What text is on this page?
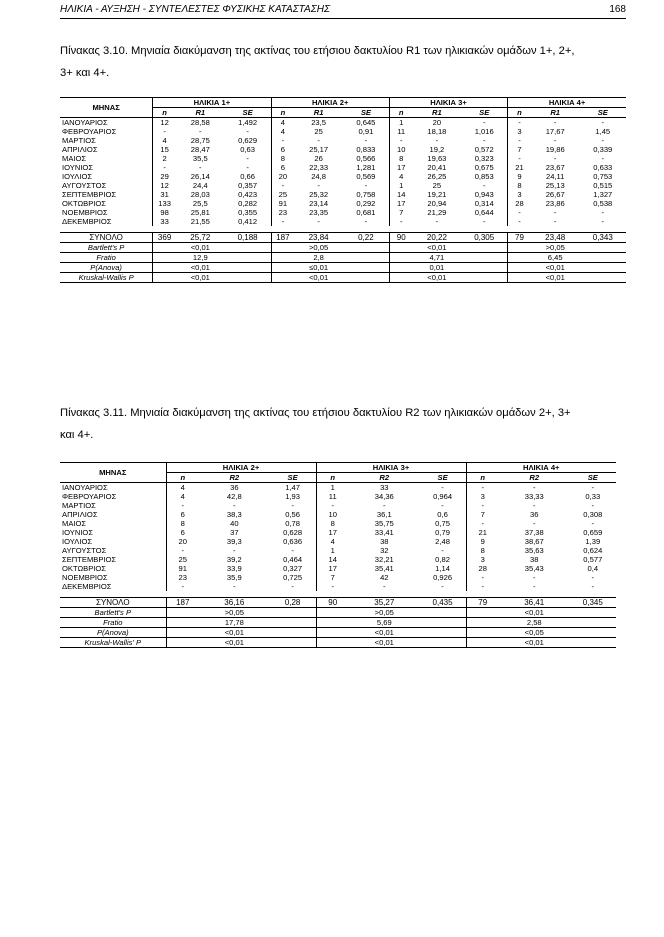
ΗΛΙΚΙΑ - ΑΥΞΗΣΗ - ΣΥΝΤΕΛΕΣΤΕΣ ΦΥΣΙΚΗΣ ΚΑΤΑΣΤΑΣΗΣ	168
Πίνακας 3.10. Μηνιαία διακύμανση της ακτίνας του ετήσιου δακτυλίου R1 των ηλικιακών ομάδων 1+, 2+, 3+ και 4+.
ΜΗΝΑΣ	ΗΛΙΚΙΑ 1+			ΗΛΙΚΙΑ 2+			ΗΛΙΚΙΑ 3+			ΗΛΙΚΙΑ 4+		
	n	R1	SE	n	R1	SE	n	R1	SE	n	R1	SE
ΙΑΝΟΥΑΡΙΟΣ	12	28,58	1,492	4	23,5	0,645	1	20	-	-	-	-
ΦΕΒΡΟΥΑΡΙΟΣ	-	-	-	4	25	0,91	11	18,18	1,016	3	17,67	1,45
ΜΑΡΤΙΟΣ	4	28,75	0,629	-	-	-	-	-	-	-	-	-
ΑΠΡΙΛΙΟΣ	15	28,47	0,63	6	25,17	0,833	10	19,2	0,572	7	19,86	0,339
ΜΑΙΟΣ	2	35,5	-	8	26	0,566	8	19,63	0,323	-	-	-
ΙΟΥΝΙΟΣ	-	-	-	6	22,33	1,281	17	20,41	0,675	21	23,67	0,633
ΙΟΥΛΙΟΣ	29	26,14	0,66	20	24,8	0,569	4	26,25	0,853	9	24,11	0,753
ΑΥΓΟΥΣΤΟΣ	12	24,4	0,357	-	-	-	1	25	-	8	25,13	0,515
ΣΕΠΤΕΜΒΡΙΟΣ	31	28,03	0,423	25	25,32	0,758	14	19,21	0,943	3	26,67	1,327
ΟΚΤΩΒΡΙΟΣ	133	25,5	0,282	91	23,14	0,292	17	20,94	0,314	28	23,86	0,538
ΝΟΕΜΒΡΙΟΣ	98	25,81	0,355	23	23,35	0,681	7	21,29	0,644	-	-	-
ΔΕΚΕΜΒΡΙΟΣ	33	21,55	0,412	-	-	-	-	-	-	-	-	-

ΣΥΝΟΛΟ	369	25,72	0,188	187	23,84	0,22	90	20,22	0,305	79	23,48	0,343
Bartlett's P		<0,01			>0,05			<0,01			>0,05	
Fratio		12,9			2,8			4,71			6,45	
P(Anova)		<0,01			≤0,01			0,01			<0,01	
Kruskal-Wallis P		<0,01			<0,01			<0,01			<0,01	
Πίνακας 3.11. Μηνιαία διακύμανση της ακτίνας του ετήσιου δακτυλίου R2 των ηλικιακών ομάδων 2+, 3+ και 4+.
ΜΗΝΑΣ	ΗΛΙΚΙΑ 2+			ΗΛΙΚΙΑ 3+			ΗΛΙΚΙΑ 4+		
	n	R2	SE	n	R2	SE	n	R2	SE
ΙΑΝΟΥΑΡΙΟΣ	4	36	1,47	1	33	-	-	-	-
ΦΕΒΡΟΥΑΡΙΟΣ	4	42,8	1,93	11	34,36	0,964	3	33,33	0,33
ΜΑΡΤΙΟΣ	-	-	-	-	-	-	-	-	-
ΑΠΡΙΛΙΟΣ	6	38,3	0,56	10	36,1	0,6	7	36	0,308
ΜΑΙΟΣ	8	40	0,78	8	35,75	0,75	-	-	-
ΙΟΥΝΙΟΣ	6	37	0,628	17	33,41	0,79	21	37,38	0,659
ΙΟΥΛΙΟΣ	20	39,3	0,636	4	38	2,48	9	38,67	1,39
ΑΥΓΟΥΣΤΟΣ	-	-	-	1	32	-	8	35,63	0,624
ΣΕΠΤΕΜΒΡΙΟΣ	25	39,2	0,464	14	32,21	0,82	3	38	0,577
ΟΚΤΩΒΡΙΟΣ	91	33,9	0,327	17	35,41	1,14	28	35,43	0,4
ΝΟΕΜΒΡΙΟΣ	23	35,9	0,725	7	42	0,926	-	-	-
ΔΕΚΕΜΒΡΙΟΣ	-	-	-	-	-	-	-	-	-

ΣΥΝΟΛΟ	187	36,16	0,28	90	35,27	0,435	79	36,41	0,345
Bartlett's P		>0,05			>0,05			<0,01	
Fratio		17,78			5,69			2,58	
P(Anova)		<0,01			<0,01			<0,05	
Kruskal-Wallis' P		<0,01			<0,01			<0,01	
